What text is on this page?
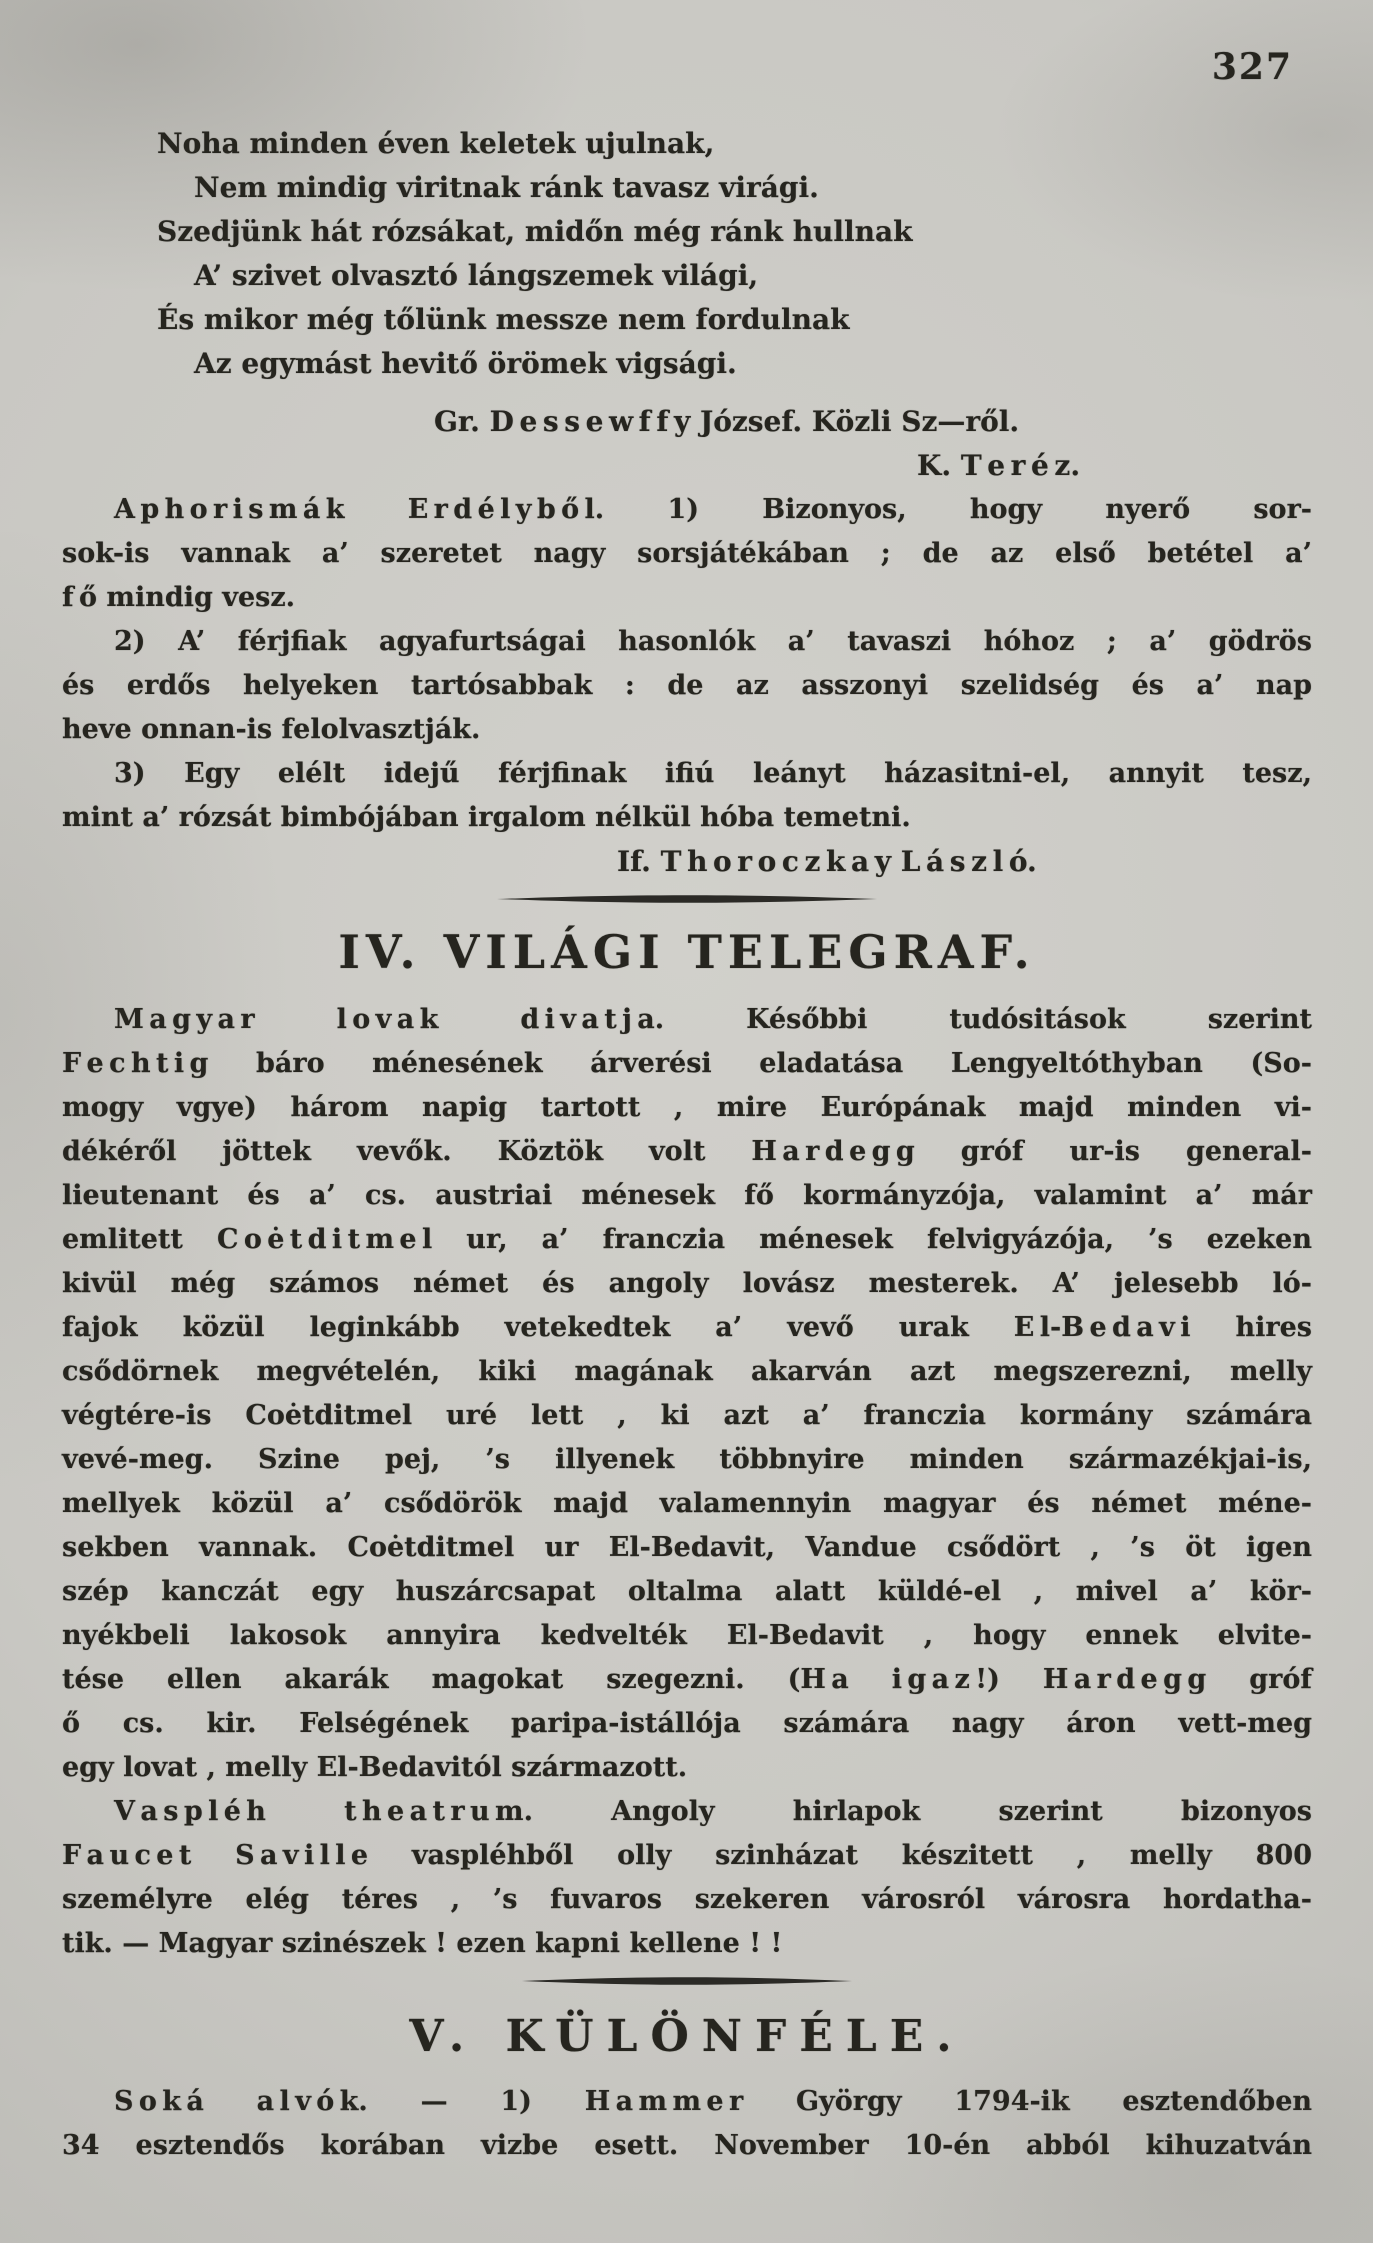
327
Noha minden éven keletek ujulnak,
Nem mindig viritnak ránk tavasz virági.
Szedjünk hát rózsákat, midőn még ránk hullnak
A’ szivet olvasztó lángszemek világi,
És mikor még tőlünk messze nem fordulnak
Az egymást hevitő örömek vigsági.
Gr. D e s s e w f f y József. Közli Sz—ről.
K. T e r é z.
A p h o r i s m á k E r d é l y b ő l. 1) Bizonyos, hogy nyerő sor-
sok-is vannak a’ szeretet nagy sorsjátékában ; de az első betétel a’
f ő mindig vesz.
2) A’ férjfiak agyafurtságai hasonlók a’ tavaszi hóhoz ; a’ gödrös
és erdős helyeken tartósabbak : de az asszonyi szelidség és a’ nap
heve onnan-is felolvasztják.
3) Egy elélt idejű férjfinak ifiú leányt házasitni-el, annyit tesz,
mint a’ rózsát bimbójában irgalom nélkül hóba temetni.
If. T h o r o c z k a y L á s z l ó.
IV. VILÁGI TELEGRAF.
M a g y a r l o v a k d i v a t j a. Későbbi tudósitások szerint
F e c h t i g báro ménesének árverési eladatása Lengyeltóthyban (So-
mogy vgye) három napig tartott , mire Európának majd minden vi-
dékéről jöttek vevők. Köztök volt H a r d e g g gróf ur-is general-
lieutenant és a’ cs. austriai ménesek fő kormányzója, valamint a’ már
emlitett C o ė t d i t m e l ur, a’ franczia ménesek felvigyázója, ’s ezeken
kivül még számos német és angoly lovász mesterek. A’ jelesebb ló-
fajok közül leginkább vetekedtek a’ vevő urak E l-B e d a v i hires
csődörnek megvételén, kiki magának akarván azt megszerezni, melly
végtére-is Coėtditmel uré lett , ki azt a’ franczia kormány számára
vevé-meg. Szine pej, ’s illyenek többnyire minden származékjai-is,
mellyek közül a’ csődörök majd valamennyin magyar és német méne-
sekben vannak. Coėtditmel ur El-Bedavit, Vandue csődört , ’s öt igen
szép kanczát egy huszárcsapat oltalma alatt küldé-el , mivel a’ kör-
nyékbeli lakosok annyira kedvelték El-Bedavit , hogy ennek elvite-
tése ellen akarák magokat szegezni. (H a i g a z !) H a r d e g g gróf
ő cs. kir. Felségének paripa-istállója számára nagy áron vett-meg
egy lovat , melly El-Bedavitól származott.
V a s p l é h t h e a t r u m. Angoly hirlapok szerint bizonyos
F a u c e t S a v i l l e vaspléhből olly szinházat készitett , melly 800
személyre elég téres , ’s fuvaros szekeren városról városra hordatha-
tik. — Magyar szinészek ! ezen kapni kellene ! !
V. KÜLÖNFÉLE.
S o k á a l v ó k. — 1) H a m m e r György 1794-ik esztendőben
34 esztendős korában vizbe esett. November 10-én abból kihuzatván
